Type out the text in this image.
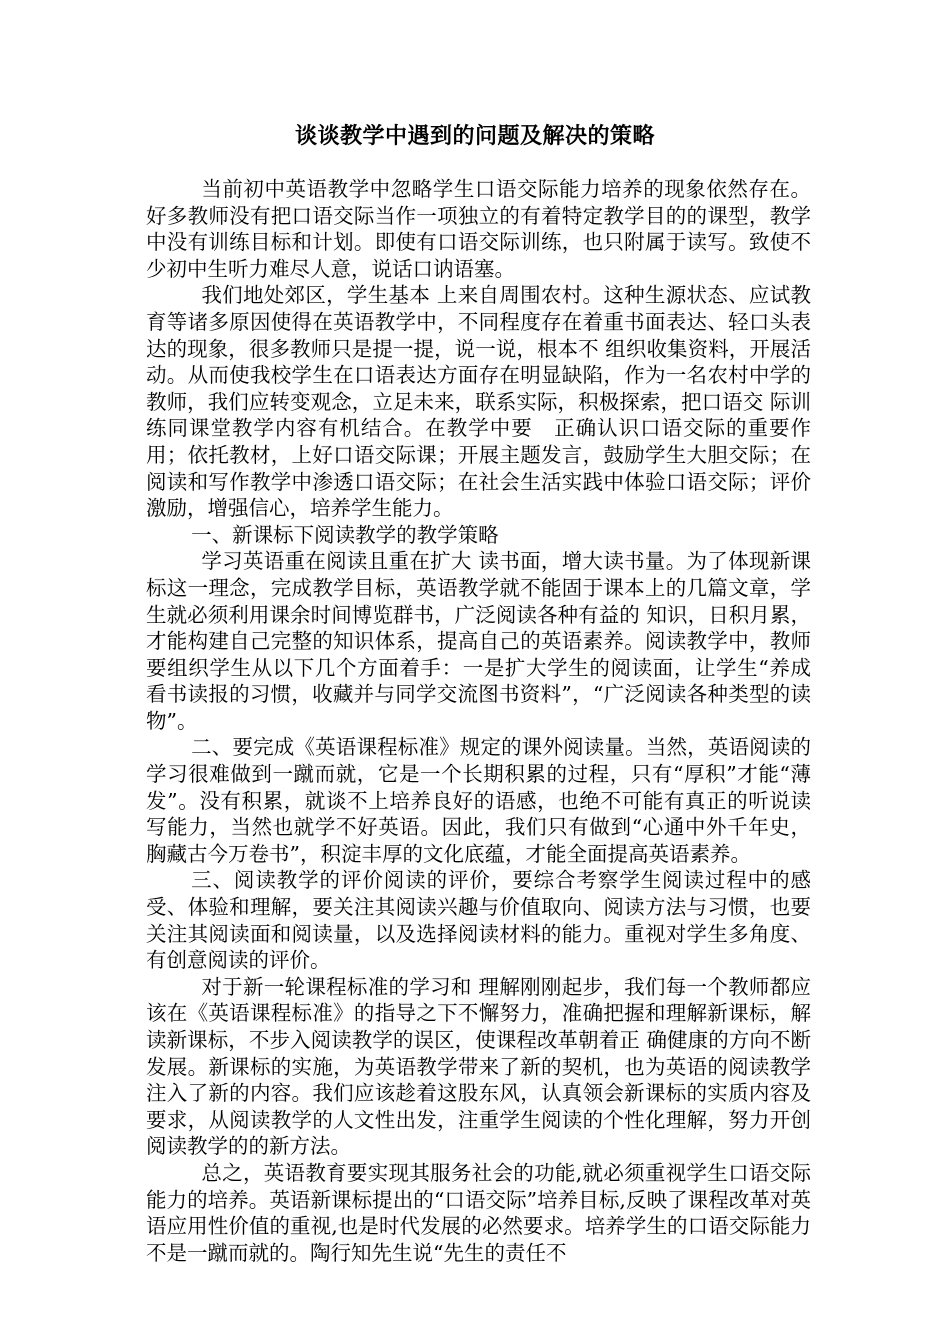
谈谈教学中遇到的问题及解决的策略

当前初中英语教学中忽略学生口语交际能力培养的现象依然存在。好多教师没有把口语交际当作一项独立的有着特定教学目的的课型，教学中没有训练目标和计划。即使有口语交际训练，也只附属于读写。致使不少初中生听力难尽人意，说话口讷语塞。

我们地处郊区，学生基本 上来自周围农村。这种生源状态、应试教育等诸多原因使得在英语教学中，不同程度存在着重书面表达、轻口头表达的现象，很多教师只是提一提，说一说，根本不 组织收集资料，开展活动。从而使我校学生在口语表达方面存在明显缺陷，作为一名农村中学的教师，我们应转变观念，立足未来，联系实际，积极探索，把口语交 际训练同课堂教学内容有机结合。在教学中要　正确认识口语交际的重要作用；依托教材，上好口语交际课；开展主题发言，鼓励学生大胆交际；在阅读和写作教学中渗透口语交际；在社会生活实践中体验口语交际；评价激励，增强信心，培养学生能力。

一、新课标下阅读教学的教学策略

学习英语重在阅读且重在扩大 读书面，增大读书量。为了体现新课标这一理念，完成教学目标，英语教学就不能固于课本上的几篇文章，学生就必须利用课余时间博览群书，广泛阅读各种有益的 知识，日积月累，才能构建自己完整的知识体系，提高自己的英语素养。阅读教学中，教师要组织学生从以下几个方面着手：一是扩大学生的阅读面，让学生“养成看书读报的习惯，收藏并与同学交流图书资料”，“广泛阅读各种类型的读物”。

二、要完成《英语课程标准》规定的课外阅读量。当然，英语阅读的学习很难做到一蹴而就，它是一个长期积累的过程，只有“厚积”才能“薄发”。没有积累，就谈不上培养良好的语感，也绝不可能有真正的听说读写能力，当然也就学不好英语。因此，我们只有做到“心通中外千年史，胸藏古今万卷书”，积淀丰厚的文化底蕴，才能全面提高英语素养。

三、阅读教学的评价阅读的评价，要综合考察学生阅读过程中的感受、体验和理解，要关注其阅读兴趣与价值取向、阅读方法与习惯，也要关注其阅读面和阅读量，以及选择阅读材料的能力。重视对学生多角度、有创意阅读的评价。

对于新一轮课程标准的学习和 理解刚刚起步，我们每一个教师都应该在《英语课程标准》的指导之下不懈努力，准确把握和理解新课标，解读新课标，不步入阅读教学的误区，使课程改革朝着正 确健康的方向不断发展。新课标的实施，为英语教学带来了新的契机，也为英语的阅读教学注入了新的内容。我们应该趁着这股东风，认真领会新课标的实质内容及 要求，从阅读教学的人文性出发，注重学生阅读的个性化理解，努力开创阅读教学的的新方法。

总之，英语教育要实现其服务社会的功能,就必须重视学生口语交际能力的培养。英语新课标提出的“口语交际”培养目标,反映了课程改革对英语应用性价值的重视,也是时代发展的必然要求。培养学生的口语交际能力不是一蹴而就的。陶行知先生说“先生的责任不
